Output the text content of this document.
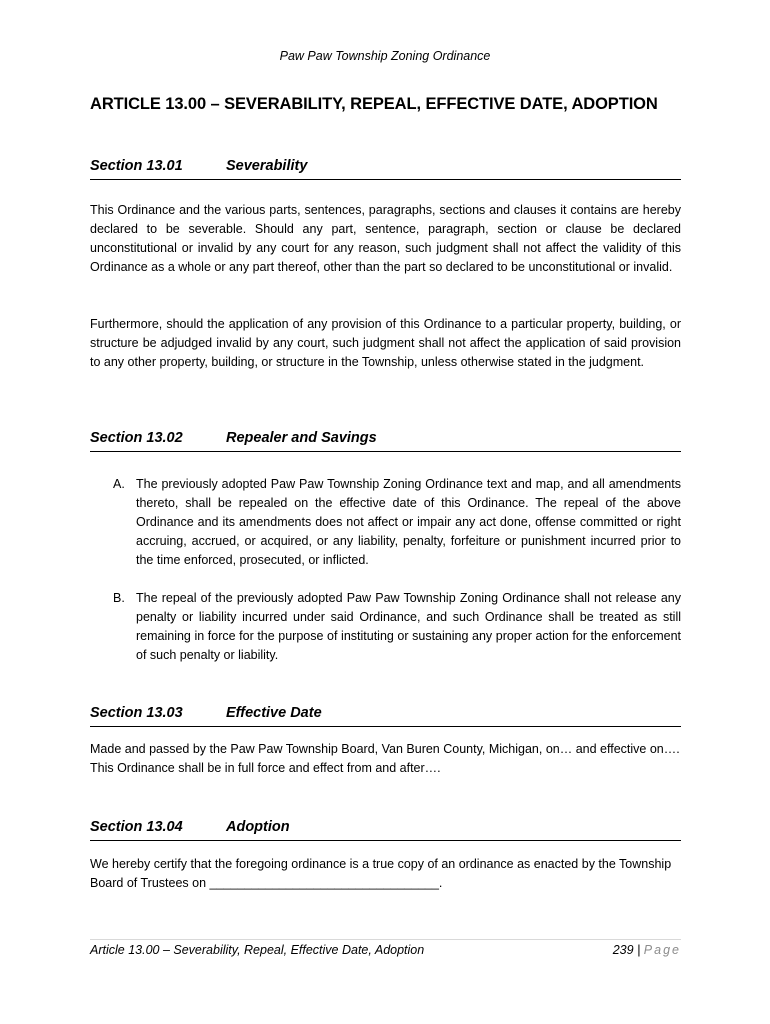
Paw Paw Township Zoning Ordinance
ARTICLE 13.00 – SEVERABILITY, REPEAL, EFFECTIVE DATE, ADOPTION
Section 13.01	Severability
This Ordinance and the various parts, sentences, paragraphs, sections and clauses it contains are hereby declared to be severable. Should any part, sentence, paragraph, section or clause be declared unconstitutional or invalid by any court for any reason, such judgment shall not affect the validity of this Ordinance as a whole or any part thereof, other than the part so declared to be unconstitutional or invalid.
Furthermore, should the application of any provision of this Ordinance to a particular property, building, or structure be adjudged invalid by any court, such judgment shall not affect the application of said provision to any other property, building, or structure in the Township, unless otherwise stated in the judgment.
Section 13.02	Repealer and Savings
A. The previously adopted Paw Paw Township Zoning Ordinance text and map, and all amendments thereto, shall be repealed on the effective date of this Ordinance. The repeal of the above Ordinance and its amendments does not affect or impair any act done, offense committed or right accruing, accrued, or acquired, or any liability, penalty, forfeiture or punishment incurred prior to the time enforced, prosecuted, or inflicted.
B. The repeal of the previously adopted Paw Paw Township Zoning Ordinance shall not release any penalty or liability incurred under said Ordinance, and such Ordinance shall be treated as still remaining in force for the purpose of instituting or sustaining any proper action for the enforcement of such penalty or liability.
Section 13.03	Effective Date
Made and passed by the Paw Paw Township Board, Van Buren County, Michigan, on… and effective on…. This Ordinance shall be in full force and effect from and after….
Section 13.04	Adoption
We hereby certify that the foregoing ordinance is a true copy of an ordinance as enacted by the Township Board of Trustees on _________________________________.
Article 13.00 – Severability, Repeal, Effective Date, Adoption	239 | Page
